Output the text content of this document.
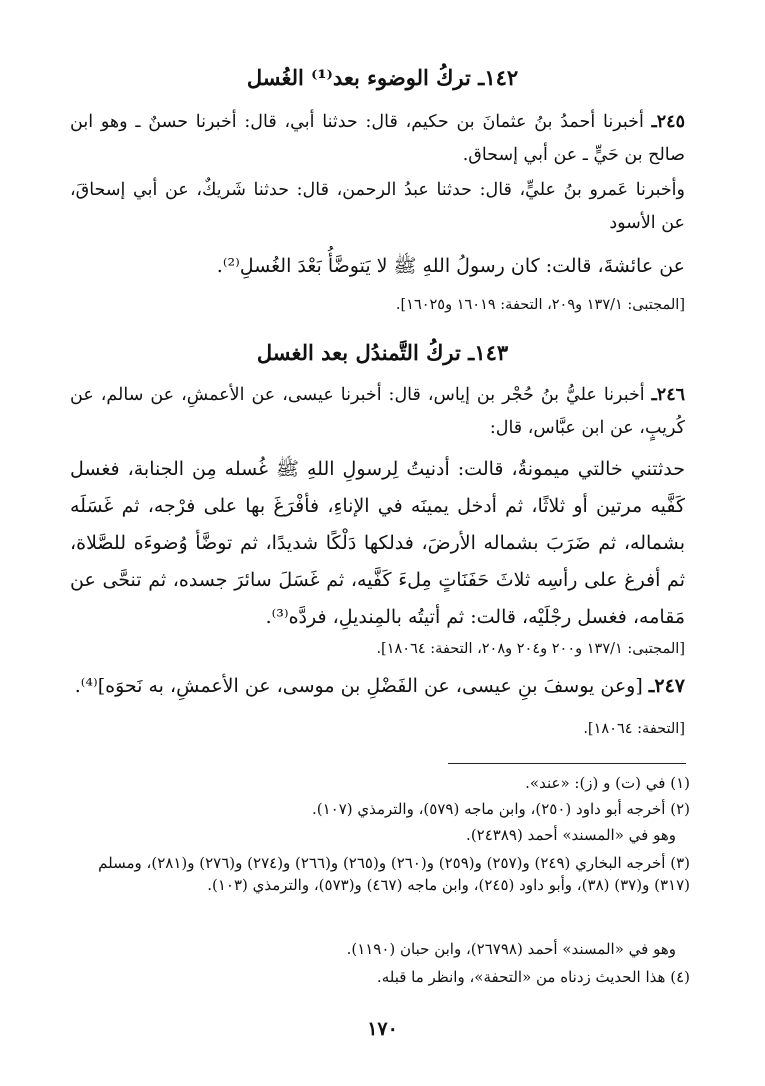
١٤٢ـ تركُ الوضوء بعد⁽¹⁾ الغُسل
٢٤٥ـ أخبرنا أحمدُ بنُ عثمانَ بن حكيم، قال: حدثنا أبي، قال: أخبرنا حسنٌ ـ وهو ابن صالح بن حَيٍّ ـ عن أبي إسحاق.
وأخبرنا عَمرو بنُ عليٍّ، قال: حدثنا عبدُ الرحمن، قال: حدثنا شَريكٌ، عن أبي إسحاقَ، عن الأسود
عن عائشةَ، قالت: كان رسولُ اللهِ ﷺ لا يَتوضَّأُ بَعْدَ الغُسلِ⁽²⁾.
[المجتبى: ١٣٧/١ و٢٠٩، التحفة: ١٦٠١٩ و١٦٠٢٥].
١٤٣ـ تركُ التَّمندُل بعد الغسل
٢٤٦ـ أخبرنا عليُّ بنُ حُجْر بن إياس، قال: أخبرنا عيسى، عن الأعمشِ، عن سالم، عن كُريبٍ، عن ابن عبَّاس، قال:
حدثتني خالتي ميمونةُ، قالت: أدنيتُ لِرسولِ اللهِ ﷺ غُسله مِن الجنابة، فغسل كَفَّيه مرتين أو ثلاثًا، ثم أدخل يمينَه في الإناءِ، فأفْرَغَ بها على فرْجه، ثم غَسَلَه بشماله، ثم ضَرَبَ بشماله الأرضَ، فدلكها دَلْكًا شديدًا، ثم توضَّأ وُضوءَه للصَّلاة، ثم أفرغ على رأسِه ثلاثَ حَفَنَاتٍ مِلءَ كَفَّيه، ثم غَسَلَ سائرَ جسده، ثم تنحَّى عن مَقامه، فغسل رجْلَيْه، قالت: ثم أتيتُه بالمِنديلِ، فردَّه⁽³⁾.
[المجتبى: ١٣٧/١ و٢٠٠ و٢٠٤ و٢٠٨، التحفة: ١٨٠٦٤].
٢٤٧ـ [وعن يوسفَ بنِ عيسى، عن الفَضْلِ بن موسى، عن الأعمشِ، به نَحوَه]⁽⁴⁾.
[التحفة: ١٨٠٦٤].
(١) في (ت) و (ز): «عند».
(٢) أخرجه أبو داود (٢٥٠)، وابن ماجه (٥٧٩)، والترمذي (١٠٧).
وهو في «المسند» أحمد (٢٤٣٨٩).
(٣) أخرجه البخاري (٢٤٩) و(٢٥٧) و(٢٥٩) و(٢٦٠) و(٢٦٥) و(٢٦٦) و(٢٧٤) و(٢٧٦) و(٢٨١)، ومسلم (٣١٧) و(٣٧) (٣٨)، وأبو داود (٢٤٥)، وابن ماجه (٤٦٧) و(٥٧٣)، والترمذي (١٠٣).
وهو في «المسند» أحمد (٢٦٧٩٨)، وابن حبان (١١٩٠).
(٤) هذا الحديث زدناه من «التحفة»، وانظر ما قبله.
١٧٠
